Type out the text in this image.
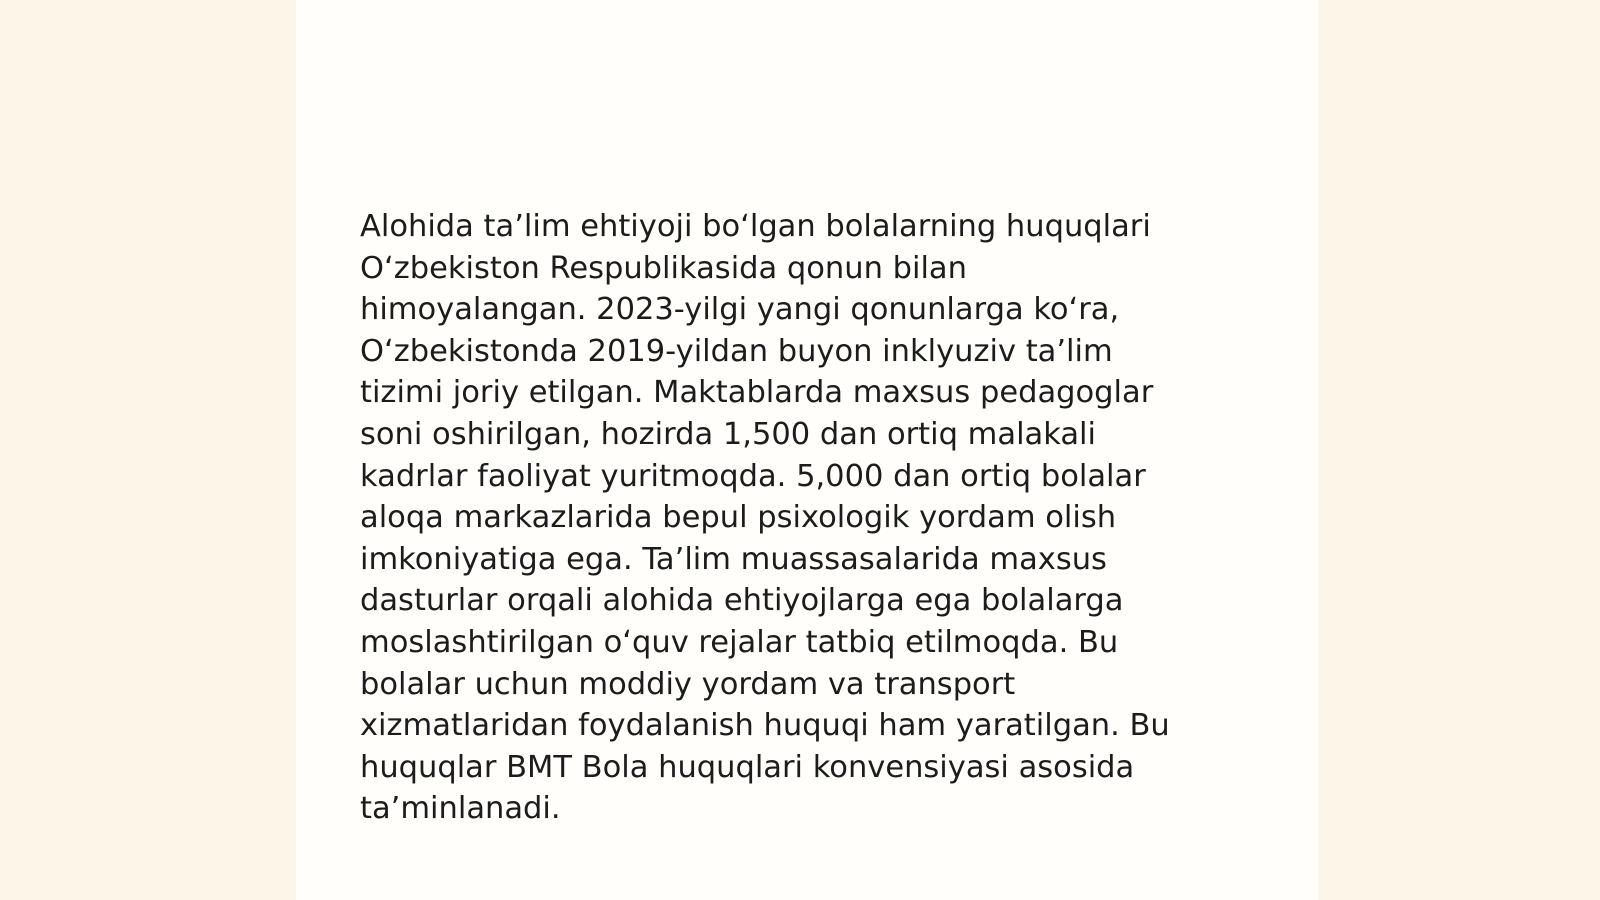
Alohida ta’lim ehtiyoji bo‘lgan bolalarning huquqlari
O‘zbekiston Respublikasida qonun bilan
himoyalangan. 2023-yilgi yangi qonunlarga ko‘ra,
O‘zbekistonda 2019-yildan buyon inklyuziv ta’lim
tizimi joriy etilgan. Maktablarda maxsus pedagoglar
soni oshirilgan, hozirda 1,500 dan ortiq malakali
kadrlar faoliyat yuritmoqda. 5,000 dan ortiq bolalar
aloqa markazlarida bepul psixologik yordam olish
imkoniyatiga ega. Ta’lim muassasalarida maxsus
dasturlar orqali alohida ehtiyojlarga ega bolalarga
moslashtirilgan o‘quv rejalar tatbiq etilmoqda. Bu
bolalar uchun moddiy yordam va transport
xizmatlaridan foydalanish huquqi ham yaratilgan. Bu
huquqlar BMT Bola huquqlari konvensiyasi asosida
ta’minlanadi.
